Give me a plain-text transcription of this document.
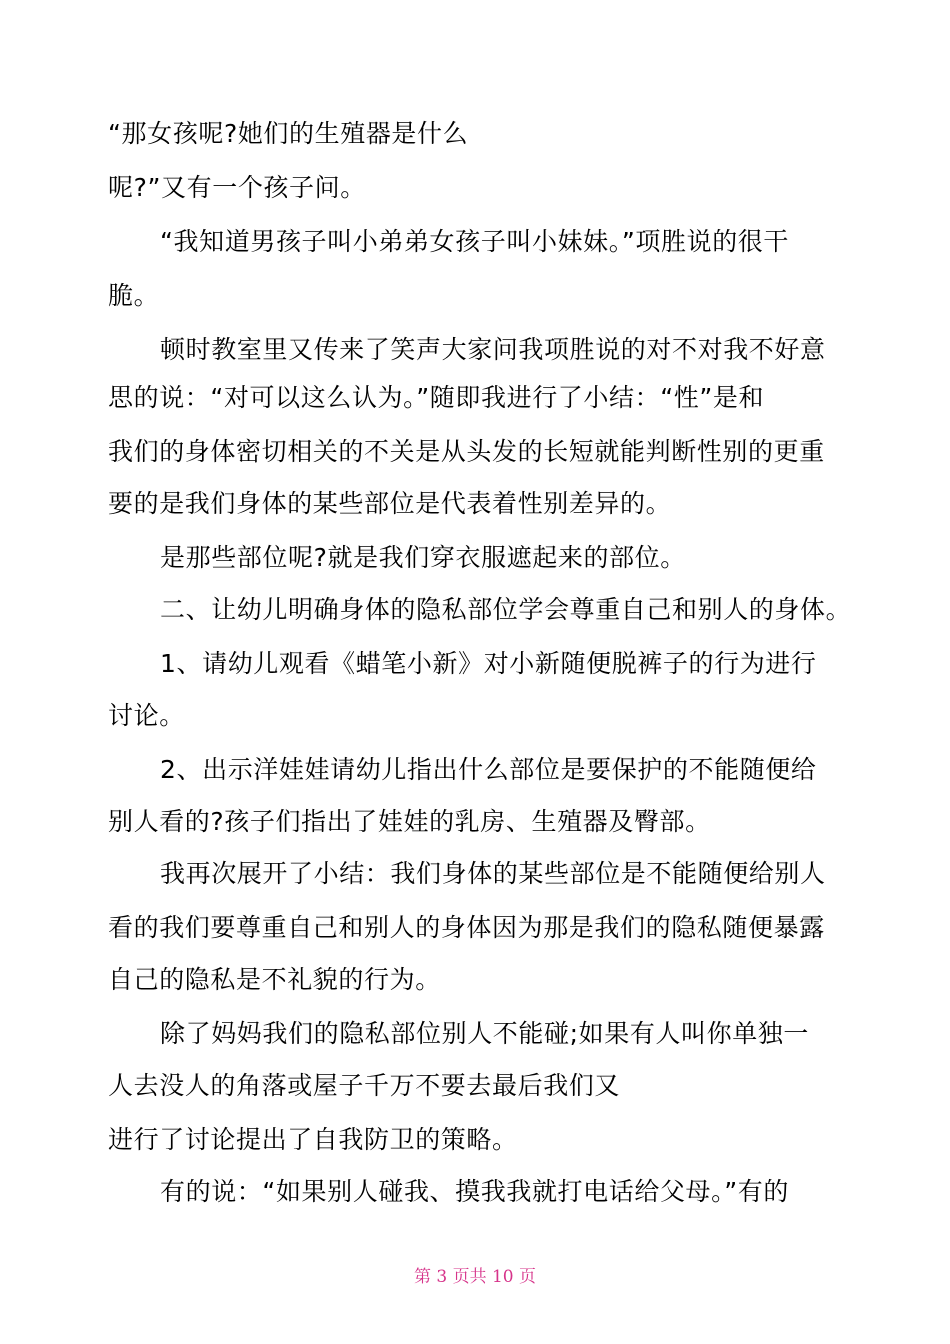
“那女孩呢?她们的生殖器是什么
呢?”又有一个孩子问。
“我知道男孩子叫小弟弟女孩子叫小妹妹。”项胜说的很干
脆。
顿时教室里又传来了笑声大家问我项胜说的对不对我不好意
思的说：“对可以这么认为。”随即我进行了小结：“性”是和
我们的身体密切相关的不关是从头发的长短就能判断性别的更重
要的是我们身体的某些部位是代表着性别差异的。
是那些部位呢?就是我们穿衣服遮起来的部位。
二、让幼儿明确身体的隐私部位学会尊重自己和别人的身体。
1、请幼儿观看《蜡笔小新》对小新随便脱裤子的行为进行
讨论。
2、出示洋娃娃请幼儿指出什么部位是要保护的不能随便给
别人看的?孩子们指出了娃娃的乳房、生殖器及臀部。
我再次展开了小结：我们身体的某些部位是不能随便给别人
看的我们要尊重自己和别人的身体因为那是我们的隐私随便暴露
自己的隐私是不礼貌的行为。
除了妈妈我们的隐私部位别人不能碰;如果有人叫你单独一
人去没人的角落或屋子千万不要去最后我们又
进行了讨论提出了自我防卫的策略。
有的说：“如果别人碰我、摸我我就打电话给父母。”有的
第 3 页共 10 页
